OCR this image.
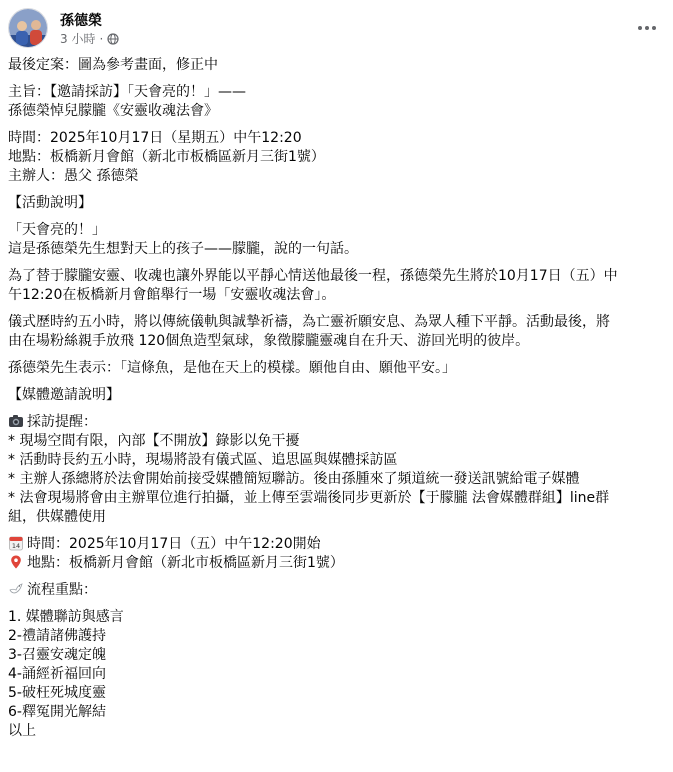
孫德榮
3 小時 ·

最後定案：圖為參考畫面，修正中

主旨：【邀請採訪】「天會亮的！」——
孫德榮悼兒朦朧《安靈收魂法會》

時間：2025年10月17日（星期五）中午12:20
地點：板橋新月會館（新北市板橋區新月三街1號）
主辦人：愚父 孫德榮

【活動說明】

「天會亮的！」
這是孫德榮先生想對天上的孩子——朦朧，說的一句話。

為了替于朦朧安靈、收魂也讓外界能以平靜心情送他最後一程，孫德榮先生將於10月17日（五）中
午12:20在板橋新月會館舉行一場「安靈收魂法會」。

儀式歷時約五小時，將以傳統儀軌與誠摯祈禱，為亡靈祈願安息、為眾人種下平靜。活動最後，將
由在場粉絲親手放飛 120個魚造型氣球，象徵朦朧靈魂自在升天、游回光明的彼岸。

孫德榮先生表示：「這條魚，是他在天上的模樣。願他自由、願他平安。」

【媒體邀請說明】

採訪提醒：
* 現場空間有限，內部【不開放】錄影以免干擾
* 活動時長約五小時，現場將設有儀式區、追思區與媒體採訪區
* 主辦人孫總將於法會開始前接受媒體簡短聯訪。後由孫腫來了頻道統一發送訊號給電子媒體
* 法會現場將會由主辦單位進行拍攝，並上傳至雲端後同步更新於【于朦朧 法會媒體群組】line群
組，供媒體使用

14 時間：2025年10月17日（五）中午12:20開始
地點：板橋新月會館（新北市板橋區新月三街1號）

流程重點：

1. 媒體聯訪與感言
2-禮請諸佛護持
3-召靈安魂定魄
4-誦經祈福回向
5-破枉死城度靈
6-釋冤開光解結
以上
